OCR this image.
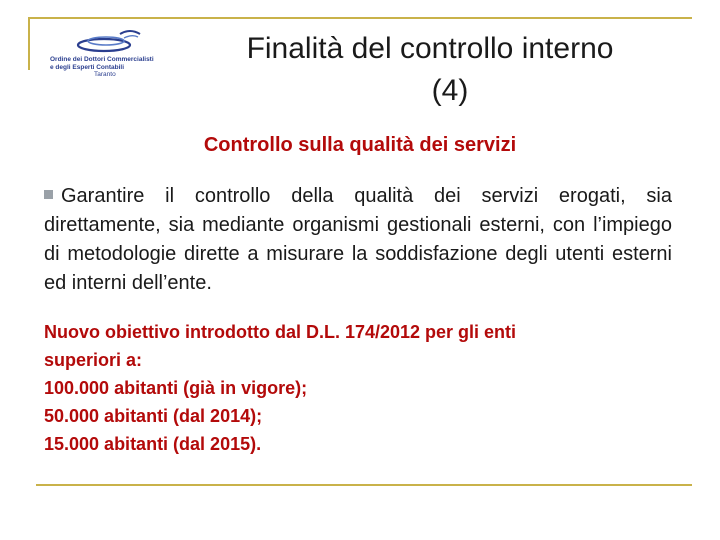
Ordine dei Dottori Commercialisti
e degli Esperti Contabili
Taranto
Finalità del controllo interno
(4)
Controllo sulla qualità dei servizi
Garantire il controllo della qualità dei servizi erogati, sia direttamente, sia mediante organismi gestionali esterni, con l’impiego di metodologie dirette a misurare la soddisfazione degli utenti esterni ed interni dell’ente.
Nuovo obiettivo introdotto dal D.L. 174/2012 per gli enti
superiori a:
100.000 abitanti (già in vigore);
50.000 abitanti (dal 2014);
15.000 abitanti (dal 2015).
